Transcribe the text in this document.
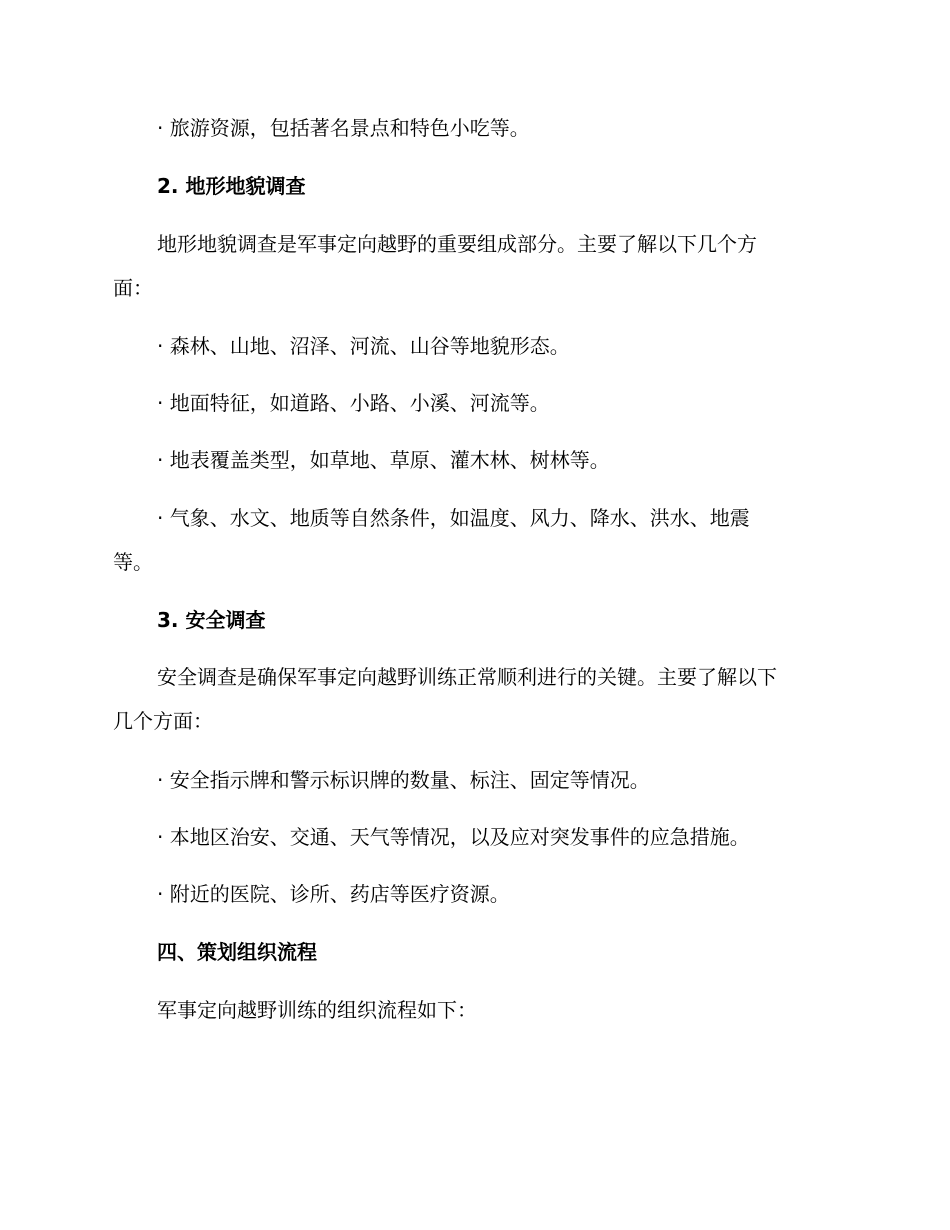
· 旅游资源，包括著名景点和特色小吃等。
2. 地形地貌调查
地形地貌调查是军事定向越野的重要组成部分。主要了解以下几个方
面：
· 森林、山地、沼泽、河流、山谷等地貌形态。
· 地面特征，如道路、小路、小溪、河流等。
· 地表覆盖类型，如草地、草原、灌木林、树林等。
· 气象、水文、地质等自然条件，如温度、风力、降水、洪水、地震
等。
3. 安全调查
安全调查是确保军事定向越野训练正常顺利进行的关键。主要了解以下
几个方面：
· 安全指示牌和警示标识牌的数量、标注、固定等情况。
· 本地区治安、交通、天气等情况，以及应对突发事件的应急措施。
· 附近的医院、诊所、药店等医疗资源。
四、策划组织流程
军事定向越野训练的组织流程如下：
